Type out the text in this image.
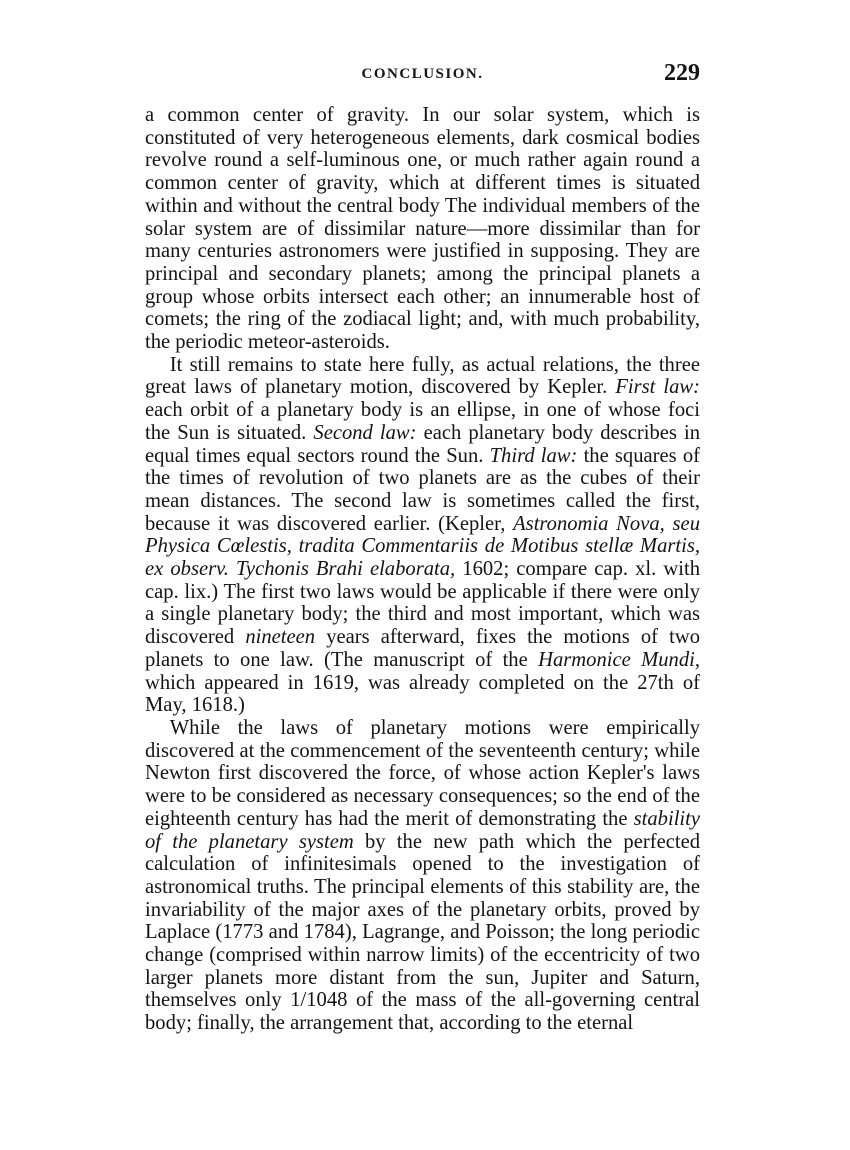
CONCLUSION.	229

a common center of gravity. In our solar system, which is constituted of very heterogeneous elements, dark cosmical bodies revolve round a self-luminous one, or much rather again round a common center of gravity, which at different times is situated within and without the central body The individual members of the solar system are of dissimilar nature—more dissimilar than for many centuries astronomers were justified in supposing. They are principal and secondary planets; among the principal planets a group whose orbits intersect each other; an innumerable host of comets; the ring of the zodiacal light; and, with much probability, the periodic meteor-asteroids.

It still remains to state here fully, as actual relations, the three great laws of planetary motion, discovered by Kepler. First law: each orbit of a planetary body is an ellipse, in one of whose foci the Sun is situated. Second law: each planetary body describes in equal times equal sectors round the Sun. Third law: the squares of the times of revolution of two planets are as the cubes of their mean distances. The second law is sometimes called the first, because it was discovered earlier. (Kepler, Astronomia Nova, seu Physica Cœlestis, tradita Commentariis de Motibus stellæ Martis, ex observ. Tychonis Brahi elaborata, 1602; compare cap. xl. with cap. lix.) The first two laws would be applicable if there were only a single planetary body; the third and most important, which was discovered nineteen years afterward, fixes the motions of two planets to one law. (The manuscript of the Harmonice Mundi, which appeared in 1619, was already completed on the 27th of May, 1618.)

While the laws of planetary motions were empirically discovered at the commencement of the seventeenth century; while Newton first discovered the force, of whose action Kepler's laws were to be considered as necessary consequences; so the end of the eighteenth century has had the merit of demonstrating the stability of the planetary system by the new path which the perfected calculation of infinitesimals opened to the investigation of astronomical truths. The principal elements of this stability are, the invariability of the major axes of the planetary orbits, proved by Laplace (1773 and 1784), Lagrange, and Poisson; the long periodic change (comprised within narrow limits) of the eccentricity of two larger planets more distant from the sun, Jupiter and Saturn, themselves only 1/1048 of the mass of the all-governing central body; finally, the arrangement that, according to the eternal
